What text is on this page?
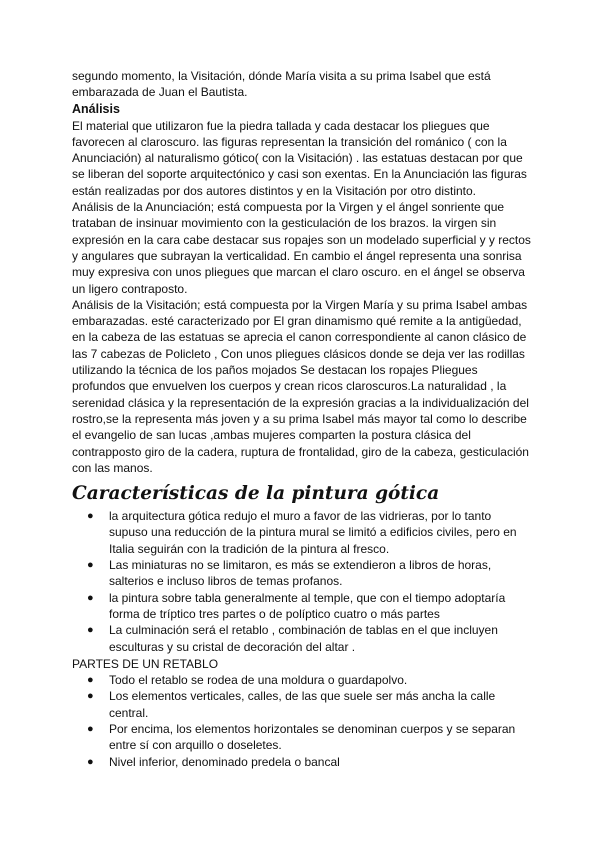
segundo momento, la Visitación, dónde María visita a su prima Isabel que está embarazada de Juan el Bautista.

Análisis

El material que utilizaron fue la piedra tallada y cada destacar los pliegues que favorecen al claroscuro. las figuras representan la transición del románico ( con la Anunciación) al naturalismo gótico( con la Visitación) . las estatuas destacan por que se liberan del soporte arquitectónico y casi son exentas. En la Anunciación las figuras están realizadas por dos autores distintos y en la Visitación por otro distinto.

Análisis de la Anunciación; está compuesta por la Virgen y el ángel sonriente que trataban de insinuar movimiento con la gesticulación de los brazos. la virgen sin expresión en la cara cabe destacar sus ropajes son un modelado superficial y y rectos y angulares que subrayan la verticalidad. En cambio el ángel representa una sonrisa muy expresiva con unos pliegues que marcan el claro oscuro. en el ángel se observa un ligero contraposto.

Análisis de la Visitación; está compuesta por la Virgen María y su prima Isabel ambas embarazadas. esté caracterizado por El gran dinamismo qué remite a la antigüedad, en la cabeza de las estatuas se aprecia el canon correspondiente al canon clásico de las 7 cabezas de Policleto , Con unos pliegues clásicos donde se deja ver las rodillas utilizando la técnica de los paños mojados Se destacan los ropajes Pliegues profundos que envuelven los cuerpos y crean ricos claroscuros.La naturalidad , la serenidad clásica y la representación de la expresión gracias a la individualización del rostro,se la representa más joven y a su prima Isabel más mayor tal como lo describe el evangelio de san lucas ,ambas mujeres comparten la postura clásica del contrapposto giro de la cadera, ruptura de frontalidad, giro de la cabeza, gesticulación con las manos.

Características de la pintura gótica
● la arquitectura gótica redujo el muro a favor de las vidrieras, por lo tanto supuso una reducción de la pintura mural se limitó a edificios civiles, pero en Italia seguirán con la tradición de la pintura al fresco.
● Las miniaturas no se limitaron, es más se extendieron a libros de horas, salterios e incluso libros de temas profanos.
● la pintura sobre tabla generalmente al temple, que con el tiempo adoptaría forma de tríptico tres partes o de políptico cuatro o más partes
● La culminación será el retablo , combinación de tablas en el que incluyen esculturas y su cristal de decoración del altar .

PARTES DE UN RETABLO

● Todo el retablo se rodea de una moldura o guardapolvo.
● Los elementos verticales, calles, de las que suele ser más ancha la calle central.
● Por encima, los elementos horizontales se denominan cuerpos y se separan entre sí con arquillo o doseletes.
● Nivel inferior, denominado predela o bancal
